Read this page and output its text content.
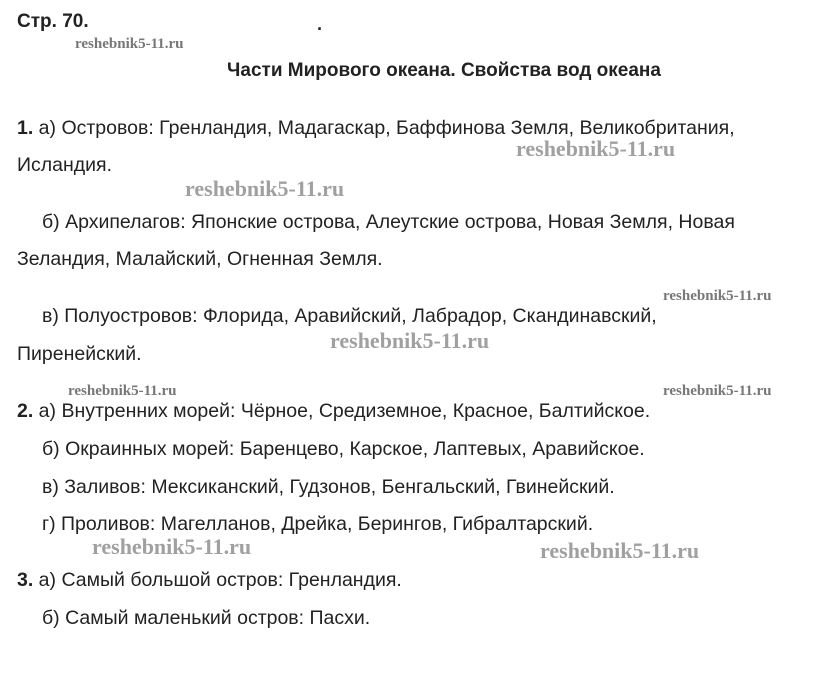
Стр. 70.	.
Части Мирового океана. Свойства вод океана
1. а) Островов: Гренландия, Мадагаскар, Баффинова Земля, Великобритания,
Исландия.
б) Архипелагов: Японские острова, Алеутские острова, Новая Земля, Новая
Зеландия, Малайский, Огненная Земля.
в) Полуостровов: Флорида, Аравийский, Лабрадор, Скандинавский,
Пиренейский.
2. а) Внутренних морей: Чёрное, Средиземное, Красное, Балтийское.
б) Окраинных морей: Баренцево, Карское, Лаптевых, Аравийское.
в) Заливов: Мексиканский, Гудзонов, Бенгальский, Гвинейский.
г) Проливов: Магелланов, Дрейка, Берингов, Гибралтарский.
3. а) Самый большой остров: Гренландия.
б) Самый маленький остров: Пасхи.
reshebnik5-11.ru
reshebnik5-11.ru
reshebnik5-11.ru
reshebnik5-11.ru
reshebnik5-11.ru
reshebnik5-11.ru	reshebnik5-11.ru
reshebnik5-11.ru	reshebnik5-11.ru
